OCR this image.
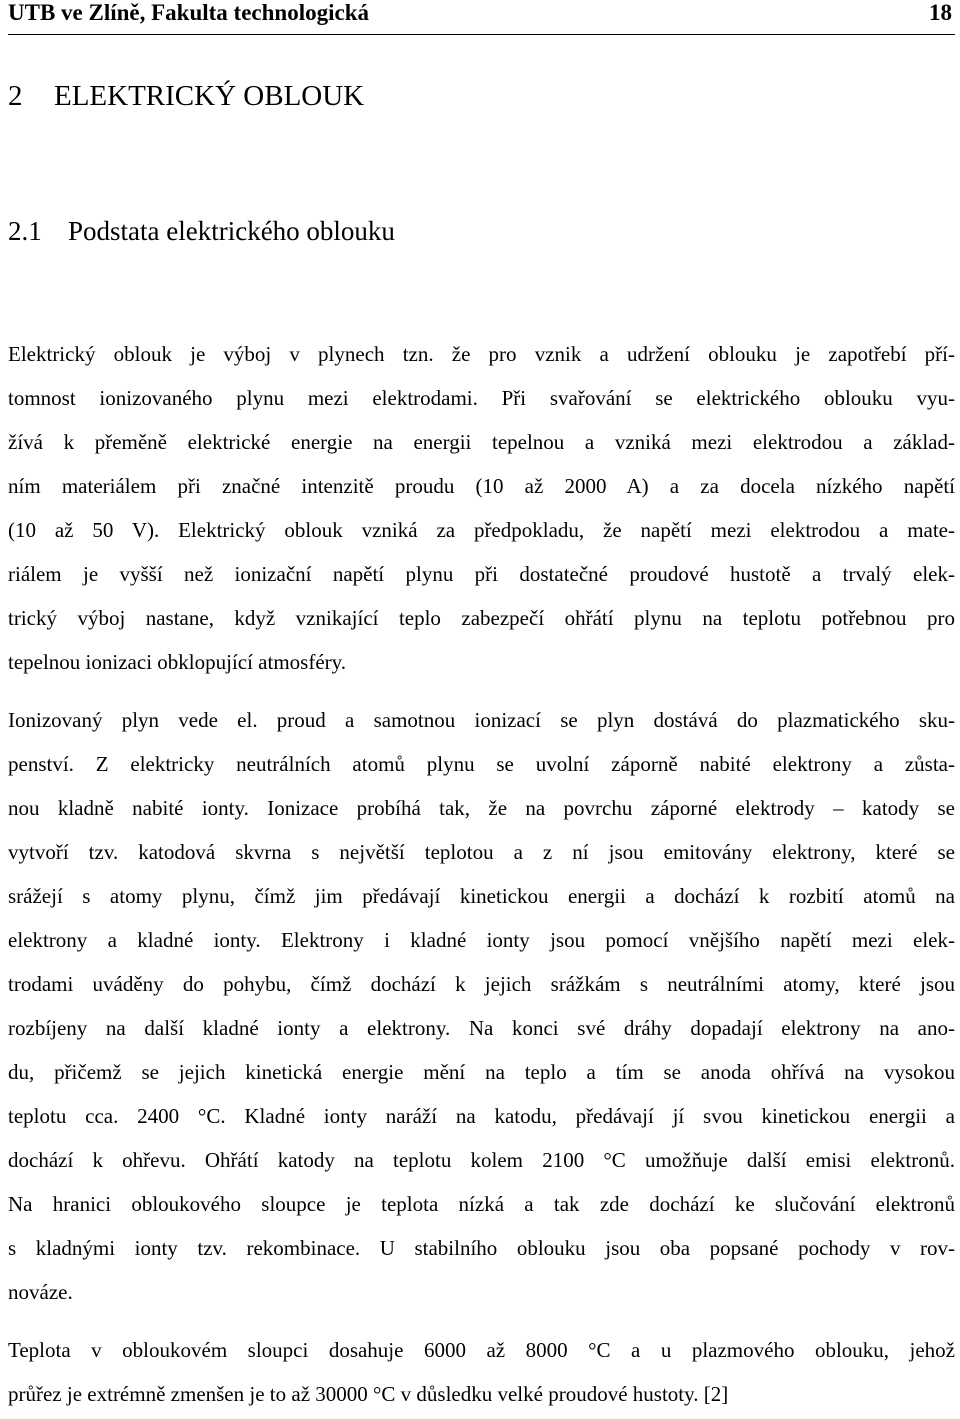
UTB ve Zlíně, Fakulta technologická	18
2 ELEKTRICKÝ OBLOUK
2.1 Podstata elektrického oblouku

Elektrický oblouk je výboj v plynech tzn. že pro vznik a udržení oblouku je zapotřebí pří-

tomnost ionizovaného plynu mezi elektrodami. Při svařování se elektrického oblouku vyu-

žívá k přeměně elektrické energie na energii tepelnou a vzniká mezi elektrodou a základ-

ním materiálem při značné intenzitě proudu (10 až 2000 A) a za docela nízkého napětí

(10 až 50 V). Elektrický oblouk vzniká za předpokladu, že napětí mezi elektrodou a mate-

riálem je vyšší než ionizační napětí plynu při dostatečné proudové hustotě a trvalý elek-

trický výboj nastane, když vznikající teplo zabezpečí ohřátí plynu na teplotu potřebnou pro

tepelnou ionizaci obklopující atmosféry.

Ionizovaný plyn vede el. proud a samotnou ionizací se plyn dostává do plazmatického sku-

penství. Z elektricky neutrálních atomů plynu se uvolní záporně nabité elektrony a zůsta-

nou kladně nabité ionty. Ionizace probíhá tak, že na povrchu záporné elektrody – katody se

vytvoří tzv. katodová skvrna s největší teplotou a z ní jsou emitovány elektrony, které se

srážejí s atomy plynu, čímž jim předávají kinetickou energii a dochází k rozbití atomů na

elektrony a kladné ionty. Elektrony i kladné ionty jsou pomocí vnějšího napětí mezi elek-

trodami uváděny do pohybu, čímž dochází k jejich srážkám s neutrálními atomy, které jsou

rozbíjeny na další kladné ionty a elektrony. Na konci své dráhy dopadají elektrony na ano-

du, přičemž se jejich kinetická energie mění na teplo a tím se anoda ohřívá na vysokou

teplotu cca. 2400 °C. Kladné ionty naráží na katodu, předávají jí svou kinetickou energii a

dochází k ohřevu. Ohřátí katody na teplotu kolem 2100 °C umožňuje další emisi elektronů.

Na hranici obloukového sloupce je teplota nízká a tak zde dochází ke slučování elektronů

s kladnými ionty tzv. rekombinace. U stabilního oblouku jsou oba popsané pochody v rov-

nováze.

Teplota v obloukovém sloupci dosahuje 6000 až 8000 °C a u plazmového oblouku, jehož

průřez je extrémně zmenšen je to až 30000 °C v důsledku velké proudové hustoty. [2]
